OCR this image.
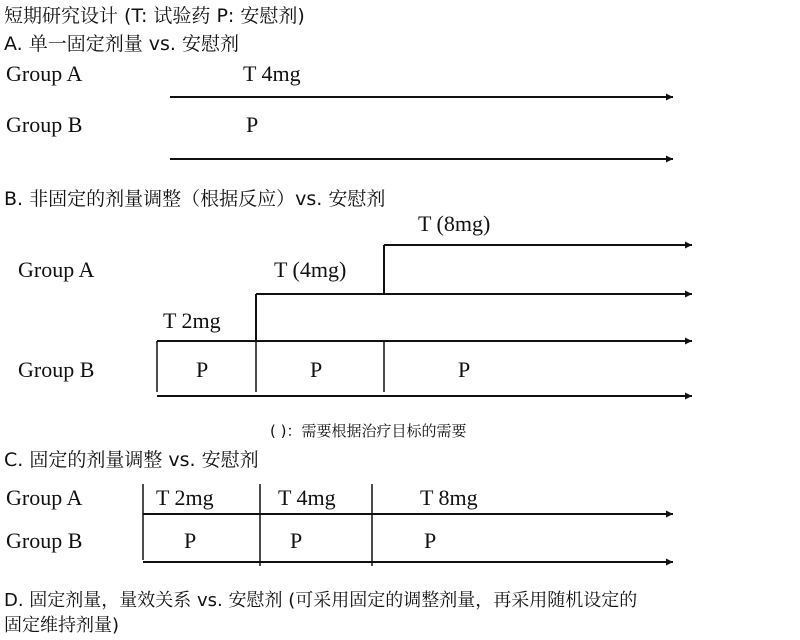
短期研究设计 (T: 试验药 P: 安慰剂)
A. 单一固定剂量 vs. 安慰剂
Group A	T 4mg
Group B	P
B. 非固定的剂量调整（根据反应）vs. 安慰剂
T (8mg)
T (4mg)
Group A
T 2mg
Group B	P	P	P
( )：需要根据治疗目标的需要
C. 固定的剂量调整 vs. 安慰剂
Group A	T 2mg	T 4mg	T 8mg
Group B	P	P	P
D. 固定剂量，量效关系 vs. 安慰剂 (可采用固定的调整剂量，再采用随机设定的
固定维持剂量)
